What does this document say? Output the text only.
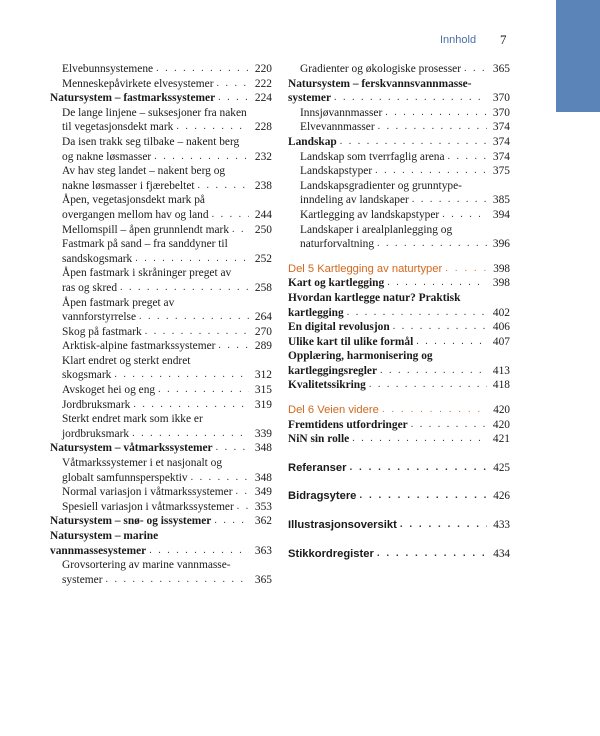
Innhold 7
Elvebunnsystemene . . .	220
Menneskepåvirkete elvesystemer . . .	222
Natursystem – fastmarkssystemer . . .	224
De lange linjene – suksesjoner fra naken
til vegetasjonsdekt mark . . .	228
Da isen trakk seg tilbake – nakent berg
og nakne løsmasser . . .	232
Av hav steg landet – nakent berg og
nakne løsmasser i fjærebeltet . . .	238
Åpen, vegetasjonsdekt mark på
overgangen mellom hav og land . . .	244
Mellomspill – åpen grunnlendt mark . . . 250
Fastmark på sand – fra sanddyner til
sandskogsmark . . .	252
Åpen fastmark i skråninger preget av
ras og skred . . .	258
Åpen fastmark preget av
vannforstyrrelse . . .	264
Skog på fastmark . . .	270
Arktisk-alpine fastmarkssystemer . . .	289
Klart endret og sterkt endret
skogsmark . . .	312
Avskoget hei og eng . . .	315
Jordbruksmark . . .	319
Sterkt endret mark som ikke er
jordbruksmark . . .	339
Natursystem – våtmarkssystemer . . .	348
Våtmarkssystemer i et nasjonalt og
globalt samfunnsperspektiv . . .	348
Normal variasjon i våtmarkssystemer . . . 349
Spesiell variasjon i våtmarkssystemer . . . 353
Natursystem – snø- og issystemer . . .	362
Natursystem – marine
vannmassesystemer . . .	363
Grovsortering av marine vannmasse-
systemer . . .	365
Gradienter og økologiske prosesser . . .	365
Natursystem – ferskvannsvannmasse-
systemer . . .	370
Innsjøvannmasser . . .	370
Elvevannmasser . . .	374
Landskap . . .	374
Landskap som tverrfaglig arena . . .	374
Landskapstyper . . .	375
Landskapsgradienter og grunntype-
inndeling av landskaper . . .	385
Kartlegging av landskapstyper . . .	394
Landskaper i arealplanlegging og
naturforvaltning . . .	396
Del 5 Kartlegging av naturtyper . . .	398
Kart og kartlegging . . .	398
Hvordan kartlegge natur? Praktisk
kartlegging . . .	402
En digital revolusjon . . .	406
Ulike kart til ulike formål . . .	407
Opplæring, harmonisering og
kartleggingsregler . . .	413
Kvalitetssikring . . .	418
Del 6 Veien videre . . .	420
Fremtidens utfordringer . . .	420
NiN sin rolle . . .	421
Referanser . . .	425
Bidragsytere . . .	426
Illustrasjonsoversikt . . .	433
Stikkordregister . . .	434
